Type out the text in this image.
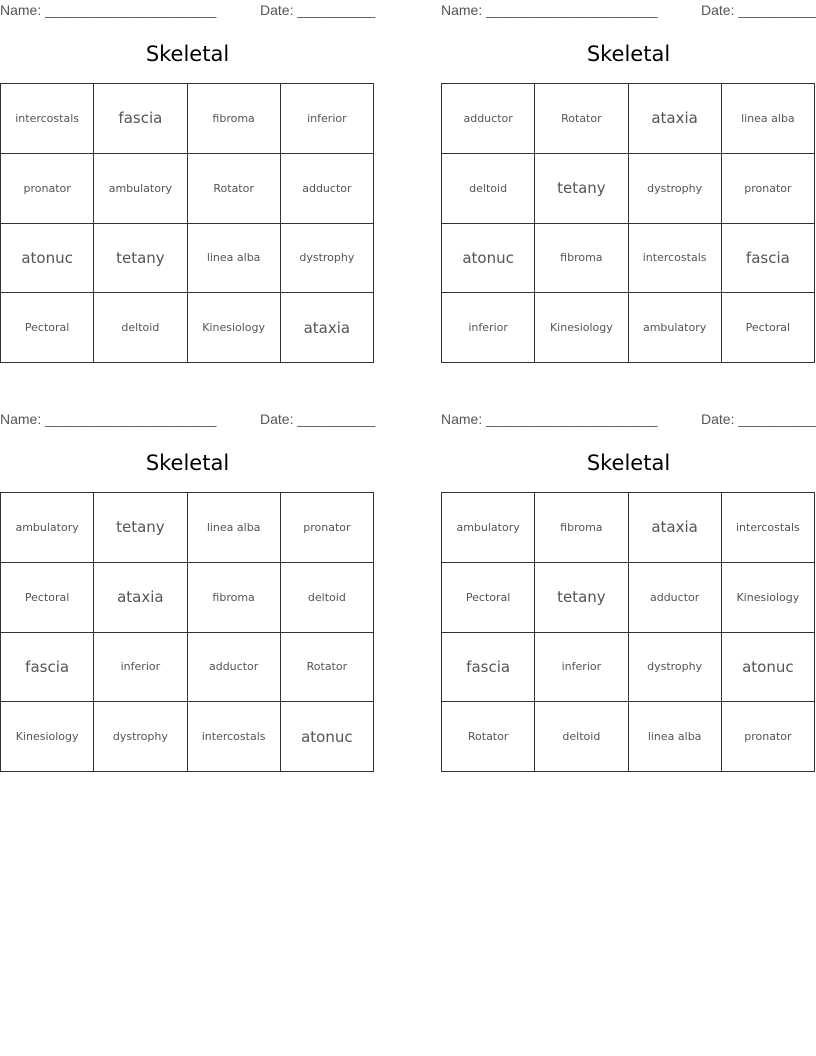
Name: ______________________	Date: __________
Skeletal
intercostals	fascia	fibroma	inferior
pronator	ambulatory	Rotator	adductor
atonuc	tetany	linea alba	dystrophy
Pectoral	deltoid	Kinesiology	ataxia
Name: ______________________	Date: __________
Skeletal
adductor	Rotator	ataxia	linea alba
deltoid	tetany	dystrophy	pronator
atonuc	fibroma	intercostals	fascia
inferior	Kinesiology	ambulatory	Pectoral
Name: ______________________	Date: __________
Skeletal
ambulatory	tetany	linea alba	pronator
Pectoral	ataxia	fibroma	deltoid
fascia	inferior	adductor	Rotator
Kinesiology	dystrophy	intercostals	atonuc
Name: ______________________	Date: __________
Skeletal
ambulatory	fibroma	ataxia	intercostals
Pectoral	tetany	adductor	Kinesiology
fascia	inferior	dystrophy	atonuc
Rotator	deltoid	linea alba	pronator
